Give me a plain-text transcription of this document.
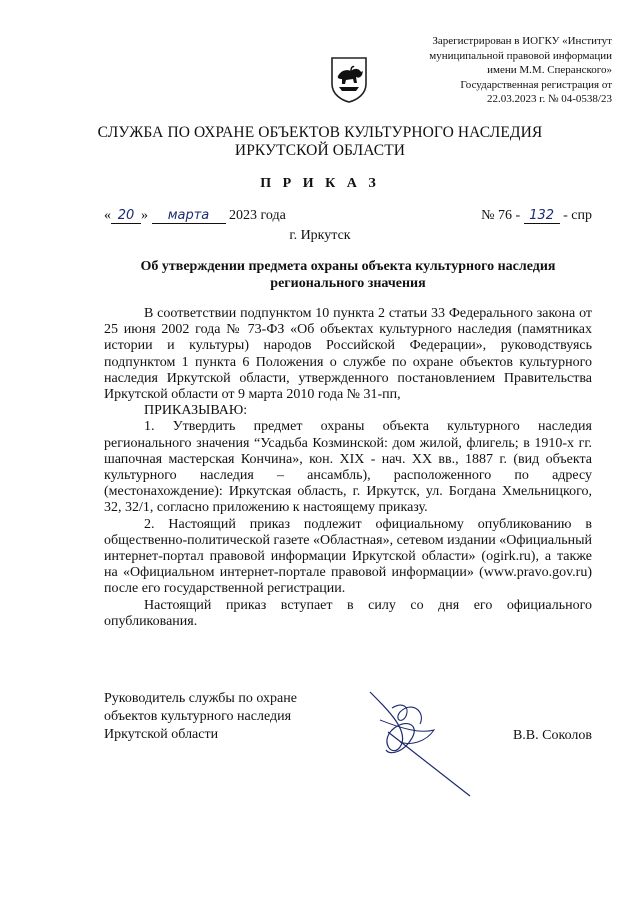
Зарегистрирован в ИОГКУ «Институт
муниципальной правовой информации
имени М.М. Сперанского»
Государственная регистрация от
22.03.2023 г. № 04-0538/23
СЛУЖБА ПО ОХРАНЕ ОБЪЕКТОВ КУЛЬТУРНОГО НАСЛЕДИЯ
ИРКУТСКОЙ ОБЛАСТИ
П Р И К А З
« 20 » марта 2023 года	№ 76 - 132 - спр
г. Иркутск
Об утверждении предмета охраны объекта культурного наследия
регионального значения

В соответствии подпунктом 10 пункта 2 статьи 33 Федерального закона от 25 июня 2002 года № 73-ФЗ «Об объектах культурного наследия (памятниках истории и культуры) народов Российской Федерации», руководствуясь подпунктом 1 пункта 6 Положения о службе по охране объектов культурного наследия Иркутской области, утвержденного постановлением Правительства Иркутской области от 9 марта 2010 года № 31-пп,

ПРИКАЗЫВАЮ:

1. Утвердить предмет охраны объекта культурного наследия регионального значения “Усадьба Козминской: дом жилой, флигель; в 1910-х гг. шапочная мастерская Кончина», кон. XIX - нач. XX вв., 1887 г. (вид объекта культурного наследия – ансамбль), расположенного по адресу (местонахождение): Иркутская область, г. Иркутск, ул. Богдана Хмельницкого, 32, 32/1, согласно приложению к настоящему приказу.

2. Настоящий приказ подлежит официальному опубликованию в общественно-политической газете «Областная», сетевом издании «Официальный интернет-портал правовой информации Иркутской области» (ogirk.ru), а также на «Официальном интернет-портале правовой информации» (www.pravo.gov.ru) после его государственной регистрации.

Настоящий приказ вступает в силу со дня его официального опубликования.

Руководитель службы по охране
объектов культурного наследия
Иркутской области	В.В. Соколов
